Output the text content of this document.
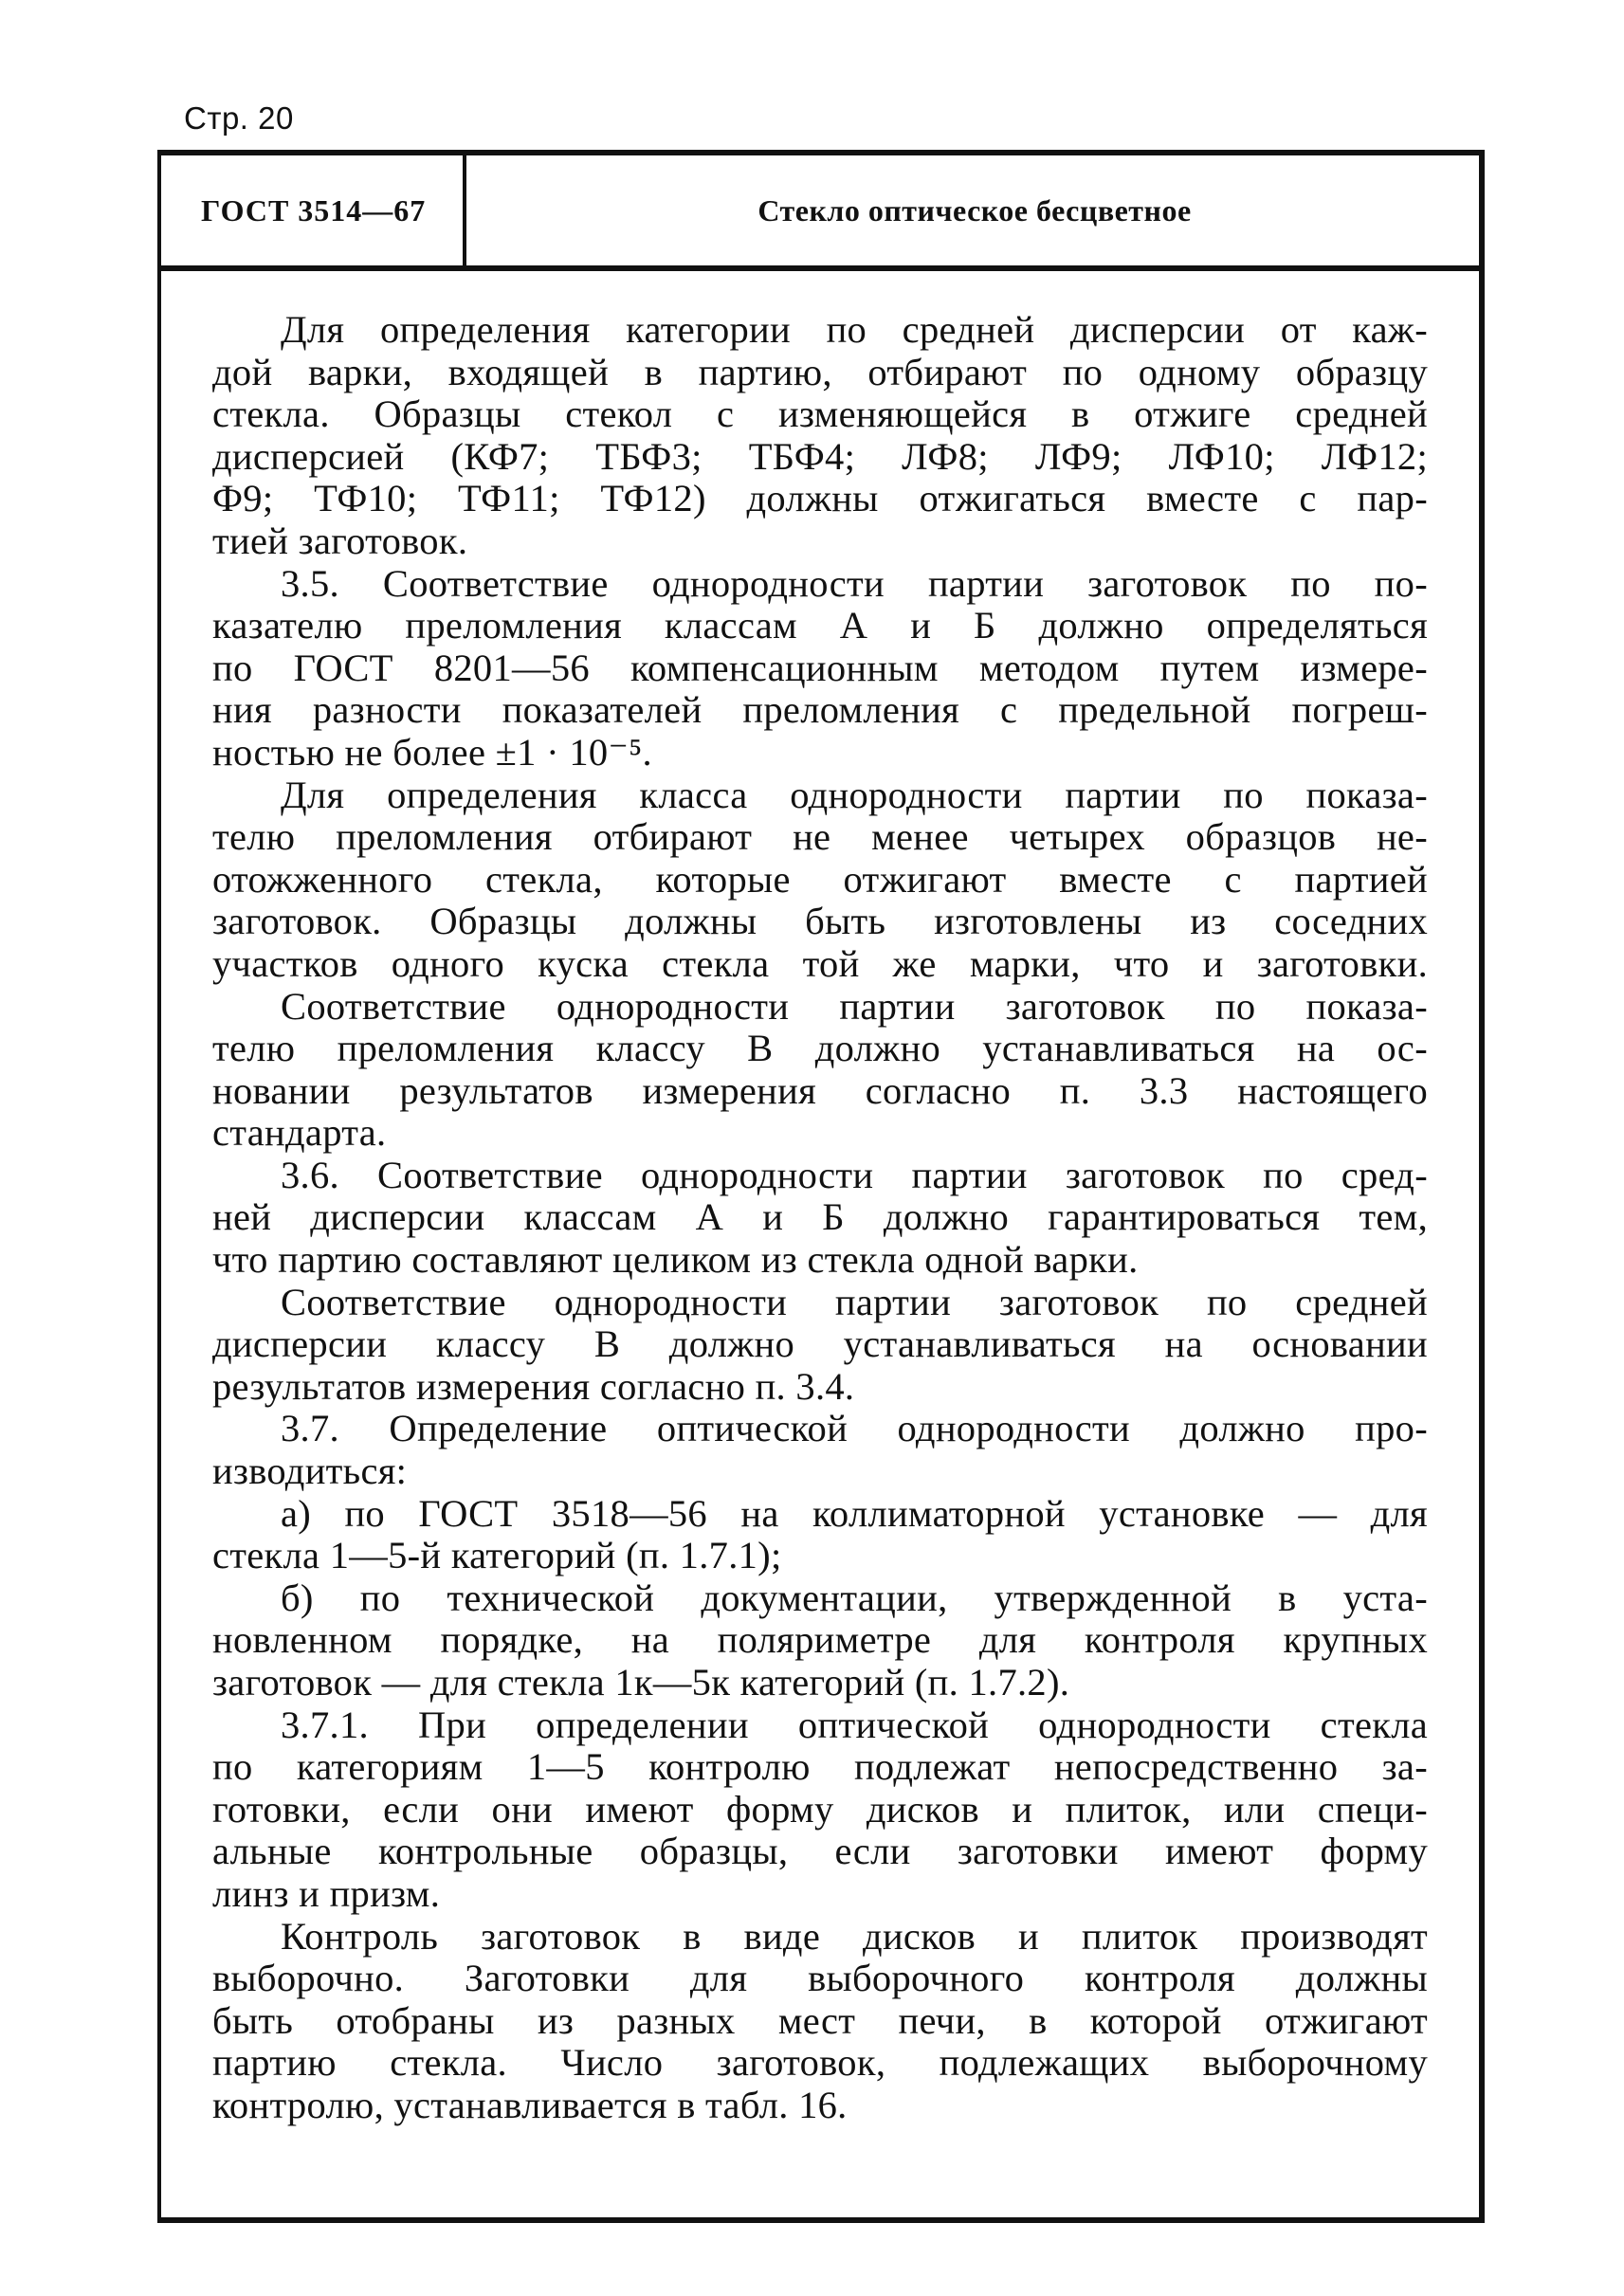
Стр. 20
ГОСТ 3514—67	Стекло оптическое бесцветное
Для определения категории по средней дисперсии от каж-
дой варки, входящей в партию, отбирают по одному образцу
стекла. Образцы стекол с изменяющейся в отжиге средней
дисперсией (КФ7; ТБФ3; ТБФ4; ЛФ8; ЛФ9; ЛФ10; ЛФ12;
Ф9; ТФ10; ТФ11; ТФ12) должны отжигаться вместе с пар-
тией заготовок.
3.5. Соответствие однородности партии заготовок по по-
казателю преломления классам А и Б должно определяться
по ГОСТ 8201—56 компенсационным методом путем измере-
ния разности показателей преломления с предельной погреш-
ностью не более ±1 · 10⁻⁵.
Для определения класса однородности партии по показа-
телю преломления отбирают не менее четырех образцов не-
отожженного стекла, которые отжигают вместе с партией
заготовок. Образцы должны быть изготовлены из соседних
участков одного куска стекла той же марки, что и заготовки.
Соответствие однородности партии заготовок по показа-
телю преломления классу В должно устанавливаться на ос-
новании результатов измерения согласно п. 3.3 настоящего
стандарта.
3.6. Соответствие однородности партии заготовок по сред-
ней дисперсии классам А и Б должно гарантироваться тем,
что партию составляют целиком из стекла одной варки.
Соответствие однородности партии заготовок по средней
дисперсии классу В должно устанавливаться на основании
результатов измерения согласно п. 3.4.
3.7. Определение оптической однородности должно про-
изводиться:
а) по ГОСТ 3518—56 на коллиматорной установке — для
стекла 1—5-й категорий (п. 1.7.1);
б) по технической документации, утвержденной в уста-
новленном порядке, на поляриметре для контроля крупных
заготовок — для стекла 1к—5к категорий (п. 1.7.2).
3.7.1. При определении оптической однородности стекла
по категориям 1—5 контролю подлежат непосредственно за-
готовки, если они имеют форму дисков и плиток, или специ-
альные контрольные образцы, если заготовки имеют форму
линз и призм.
Контроль заготовок в виде дисков и плиток производят
выборочно. Заготовки для выборочного контроля должны
быть отобраны из разных мест печи, в которой отжигают
партию стекла. Число заготовок, подлежащих выборочному
контролю, устанавливается в табл. 16.
